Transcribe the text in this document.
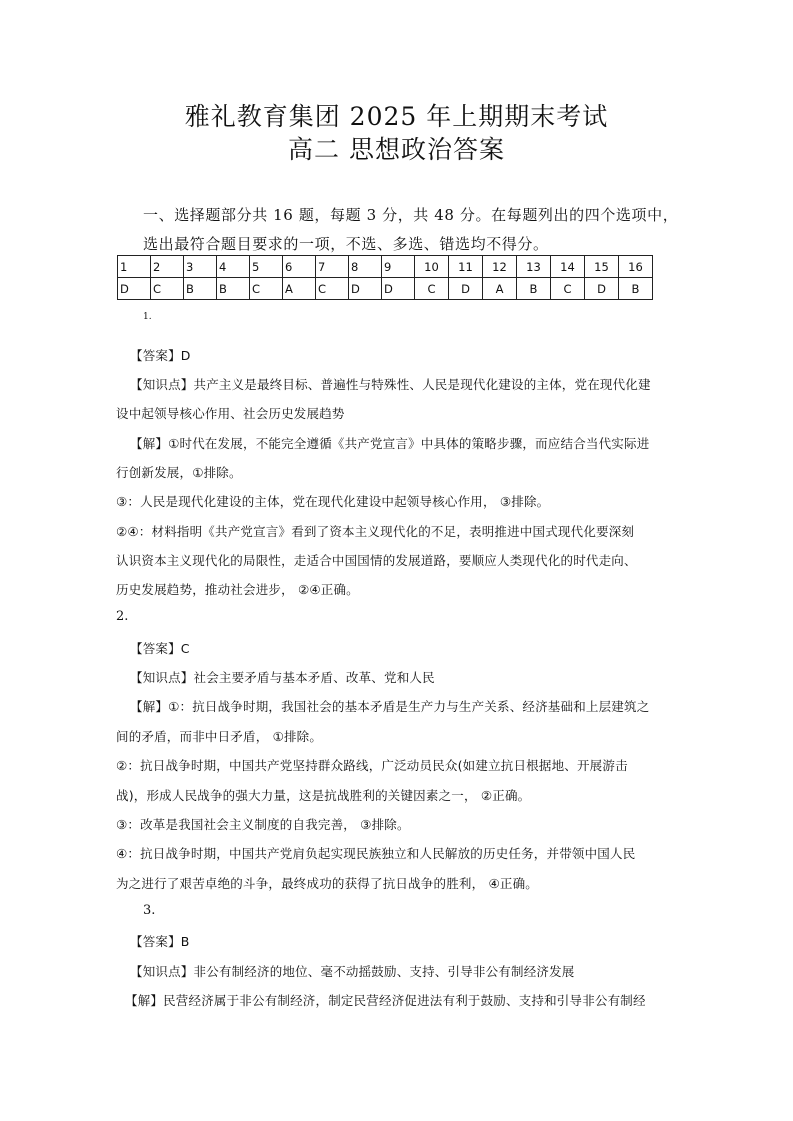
雅礼教育集团 2025 年上期期末考试
高二 思想政治答案
一、选择题部分共 16 题，每题 3 分，共 48 分。在每题列出的四个选项中，
选出最符合题目要求的一项，不选、多选、错选均不得分。
1	2	3	4	5	6	7	8	9	10	11	12	13	14	15	16
D	C	B	B	C	A	C	D	D	C	D	A	B	C	D	B
1.
【答案】D
【知识点】共产主义是最终目标、普遍性与特殊性、人民是现代化建设的主体，党在现代化建
设中起领导核心作用、社会历史发展趋势
【解】①时代在发展，不能完全遵循《共产党宣言》中具体的策略步骤，而应结合当代实际进
行创新发展，①排除。
③：人民是现代化建设的主体，党在现代化建设中起领导核心作用， ③排除。
②④：材料指明《共产党宣言》看到了资本主义现代化的不足，表明推进中国式现代化要深刻
认识资本主义现代化的局限性，走适合中国国情的发展道路，要顺应人类现代化的时代走向、
历史发展趋势，推动社会进步， ②④正确。
2.
【答案】C
【知识点】社会主要矛盾与基本矛盾、改革、党和人民
【解】①：抗日战争时期，我国社会的基本矛盾是生产力与生产关系、经济基础和上层建筑之
间的矛盾，而非中日矛盾， ①排除。
②：抗日战争时期，中国共产党坚持群众路线，广泛动员民众(如建立抗日根据地、开展游击
战)，形成人民战争的强大力量，这是抗战胜利的关键因素之一， ②正确。
③：改革是我国社会主义制度的自我完善， ③排除。
④：抗日战争时期，中国共产党肩负起实现民族独立和人民解放的历史任务，并带领中国人民
为之进行了艰苦卓绝的斗争，最终成功的获得了抗日战争的胜利， ④正确。
3.
【答案】B
【知识点】非公有制经济的地位、毫不动摇鼓励、支持、引导非公有制经济发展
【解】民营经济属于非公有制经济，制定民营经济促进法有利于鼓励、支持和引导非公有制经
